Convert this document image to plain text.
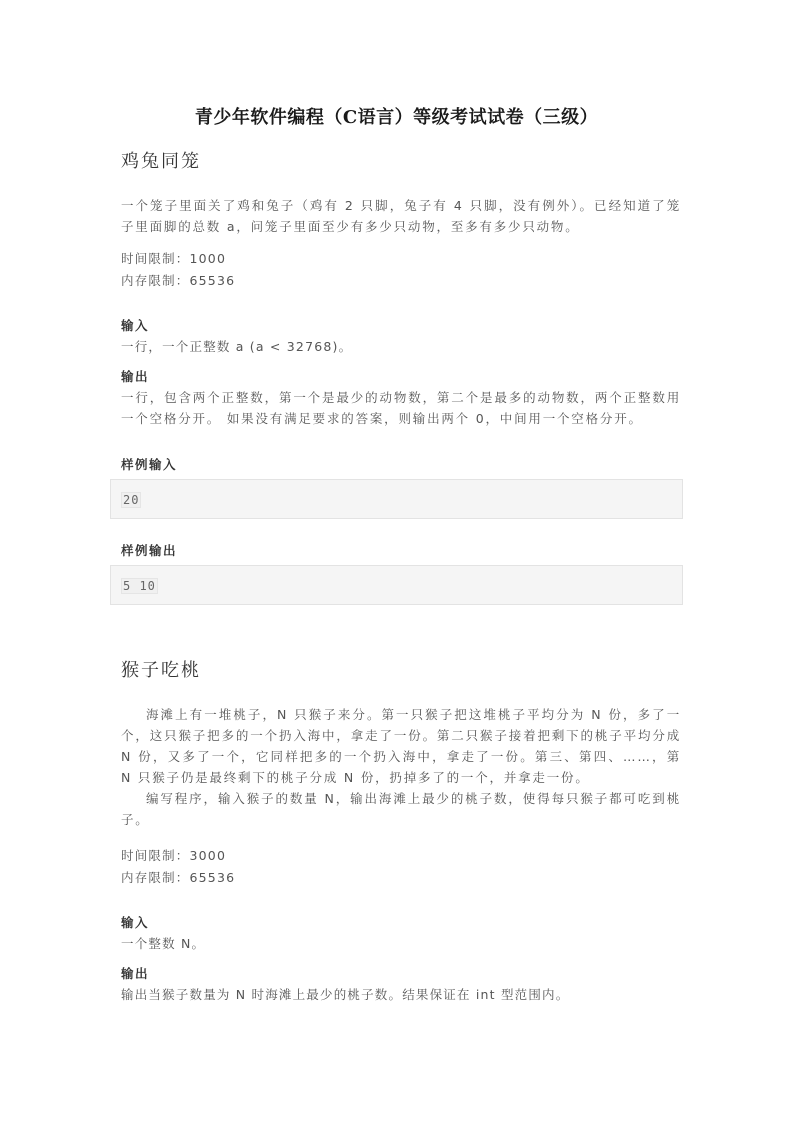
青少年软件编程（C语言）等级考试试卷（三级）
鸡兔同笼
一个笼子里面关了鸡和兔子（鸡有 2 只脚，兔子有 4 只脚，没有例外）。已经知道了笼子里面脚的总数 a，问笼子里面至少有多少只动物，至多有多少只动物。
时间限制：1000
内存限制：65536
输入
一行，一个正整数 a (a < 32768)。
输出
一行，包含两个正整数，第一个是最少的动物数，第二个是最多的动物数，两个正整数用一个空格分开。 如果没有满足要求的答案，则输出两个 0，中间用一个空格分开。
样例输入
20
样例输出
5 10
猴子吃桃
海滩上有一堆桃子，N 只猴子来分。第一只猴子把这堆桃子平均分为 N 份，多了一个，这只猴子把多的一个扔入海中，拿走了一份。第二只猴子接着把剩下的桃子平均分成 N 份，又多了一个，它同样把多的一个扔入海中，拿走了一份。第三、第四、……，第 N 只猴子仍是最终剩下的桃子分成 N 份，扔掉多了的一个，并拿走一份。
编写程序，输入猴子的数量 N，输出海滩上最少的桃子数，使得每只猴子都可吃到桃子。
时间限制：3000
内存限制：65536
输入
一个整数 N。
输出
输出当猴子数量为 N 时海滩上最少的桃子数。结果保证在 int 型范围内。
